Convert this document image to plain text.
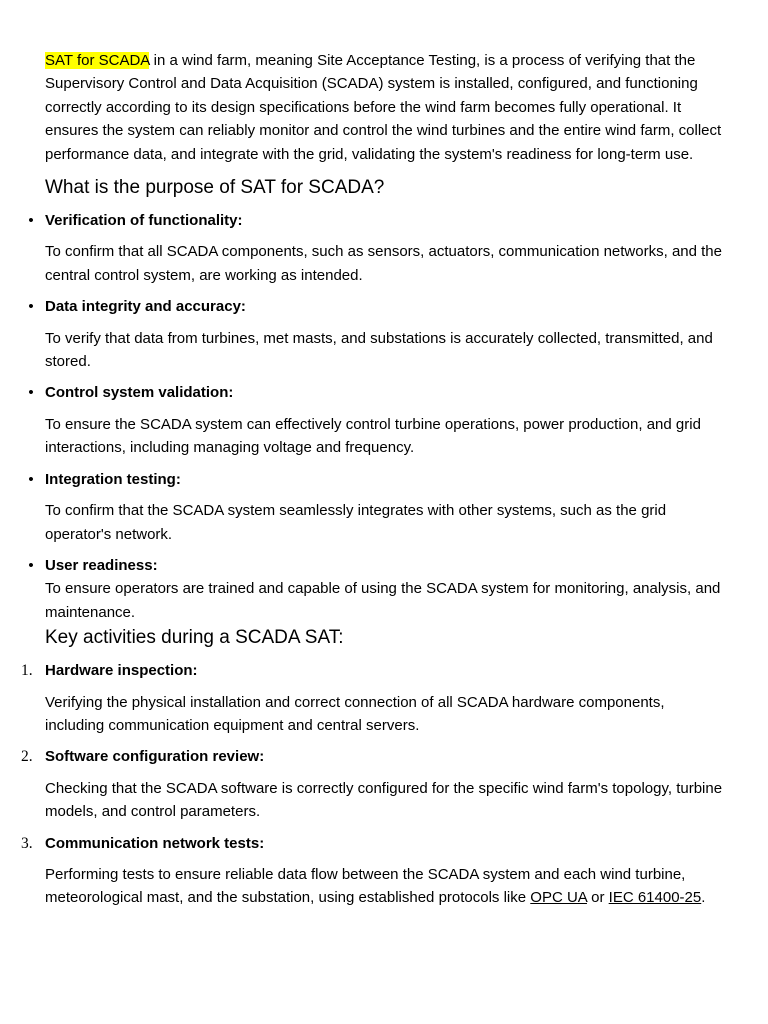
SAT for SCADA in a wind farm, meaning Site Acceptance Testing, is a process of verifying that the Supervisory Control and Data Acquisition (SCADA) system is installed, configured, and functioning correctly according to its design specifications before the wind farm becomes fully operational. It ensures the system can reliably monitor and control the wind turbines and the entire wind farm, collect performance data, and integrate with the grid, validating the system's readiness for long-term use.

What is the purpose of SAT for SCADA?
• Verification of functionality:

To confirm that all SCADA components, such as sensors, actuators, communication networks, and the central control system, are working as intended.

• Data integrity and accuracy:

To verify that data from turbines, met masts, and substations is accurately collected, transmitted, and stored.

• Control system validation:

To ensure the SCADA system can effectively control turbine operations, power production, and grid interactions, including managing voltage and frequency.

• Integration testing:

To confirm that the SCADA system seamlessly integrates with other systems, such as the grid operator's network.

• User readiness:

To ensure operators are trained and capable of using the SCADA system for monitoring, analysis, and maintenance.

Key activities during a SCADA SAT:
1. Hardware inspection:

Verifying the physical installation and correct connection of all SCADA hardware components, including communication equipment and central servers.

2. Software configuration review:

Checking that the SCADA software is correctly configured for the specific wind farm's topology, turbine models, and control parameters.

3. Communication network tests:

Performing tests to ensure reliable data flow between the SCADA system and each wind turbine, meteorological mast, and the substation, using established protocols like OPC UA or IEC 61400-25.
